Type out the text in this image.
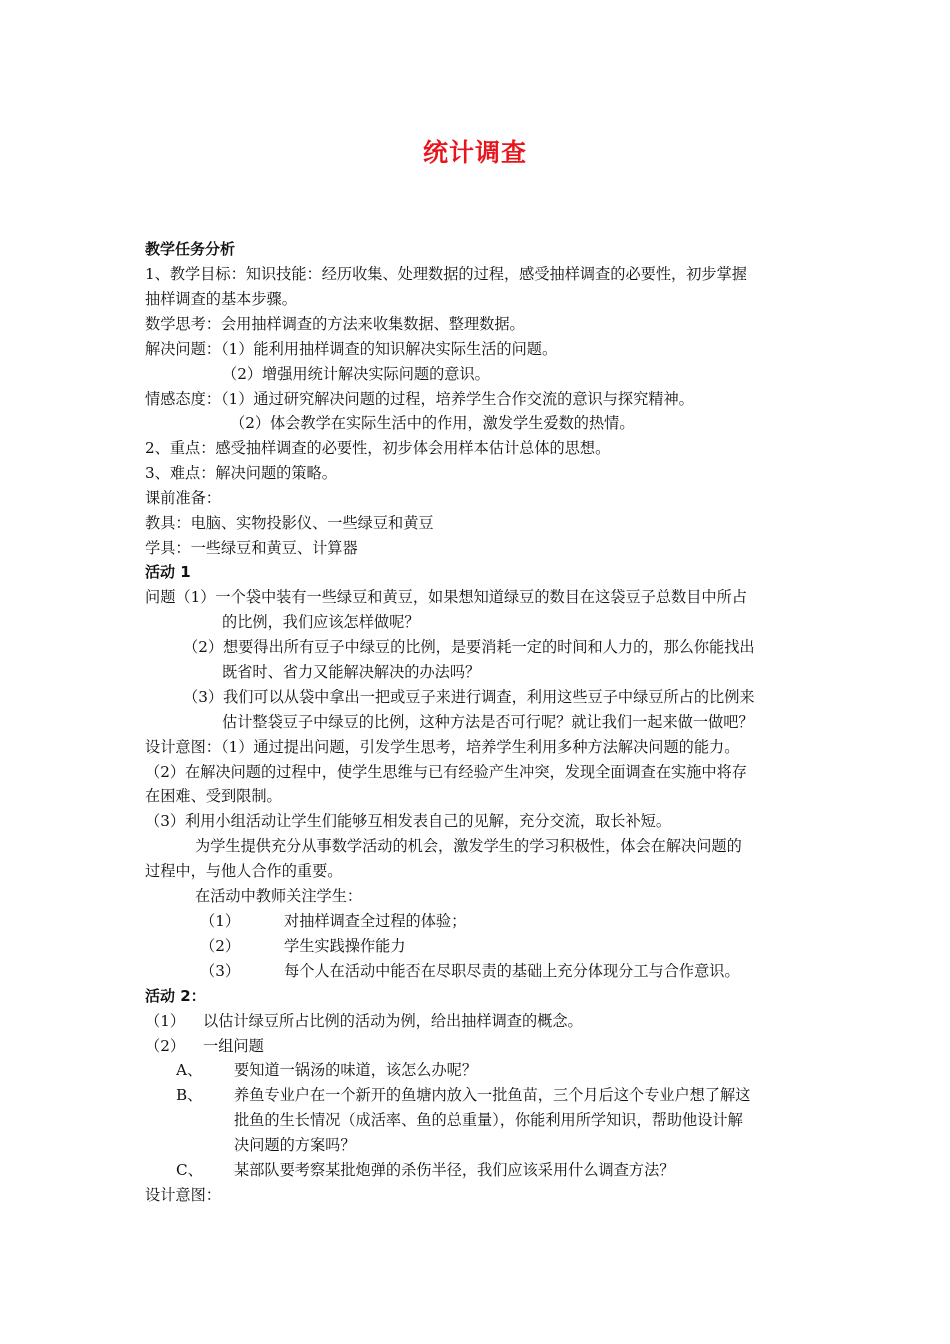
统计调查
教学任务分析
1、教学目标：知识技能：经历收集、处理数据的过程，感受抽样调查的必要性，初步掌握
抽样调查的基本步骤。
数学思考：会用抽样调查的方法来收集数据、整理数据。
解决问题：（1）能利用抽样调查的知识解决实际生活的问题。
（2）增强用统计解决实际问题的意识。
情感态度：（1）通过研究解决问题的过程，培养学生合作交流的意识与探究精神。
（2）体会教学在实际生活中的作用，激发学生爱数的热情。
2、重点：感受抽样调查的必要性，初步体会用样本估计总体的思想。
3、难点：解决问题的策略。
课前准备：
教具：电脑、实物投影仪、一些绿豆和黄豆
学具：一些绿豆和黄豆、计算器
活动 1
问题（1）一个袋中装有一些绿豆和黄豆，如果想知道绿豆的数目在这袋豆子总数目中所占
的比例，我们应该怎样做呢？
（2）想要得出所有豆子中绿豆的比例，是要消耗一定的时间和人力的，那么你能找出
既省时、省力又能解决解决的办法吗？
（3）我们可以从袋中拿出一把或豆子来进行调查，利用这些豆子中绿豆所占的比例来
估计整袋豆子中绿豆的比例，这种方法是否可行呢？就让我们一起来做一做吧？
设计意图：（1）通过提出问题，引发学生思考，培养学生利用多种方法解决问题的能力。
（2）在解决问题的过程中，使学生思维与已有经验产生冲突，发现全面调查在实施中将存
在困难、受到限制。
（3）利用小组活动让学生们能够互相发表自己的见解，充分交流，取长补短。
为学生提供充分从事数学活动的机会，激发学生的学习积极性，体会在解决问题的
过程中，与他人合作的重要。
在活动中教师关注学生：
（1）	对抽样调查全过程的体验；
（2）	学生实践操作能力
（3）	每个人在活动中能否在尽职尽责的基础上充分体现分工与合作意识。
活动 2：
（1） 以估计绿豆所占比例的活动为例，给出抽样调查的概念。
（2） 一组问题
A、 要知道一锅汤的味道，该怎么办呢？
B、 养鱼专业户在一个新开的鱼塘内放入一批鱼苗，三个月后这个专业户想了解这
批鱼的生长情况（成活率、鱼的总重量），你能利用所学知识，帮助他设计解
决问题的方案吗？
C、 某部队要考察某批炮弹的杀伤半径，我们应该采用什么调查方法？
设计意图：
